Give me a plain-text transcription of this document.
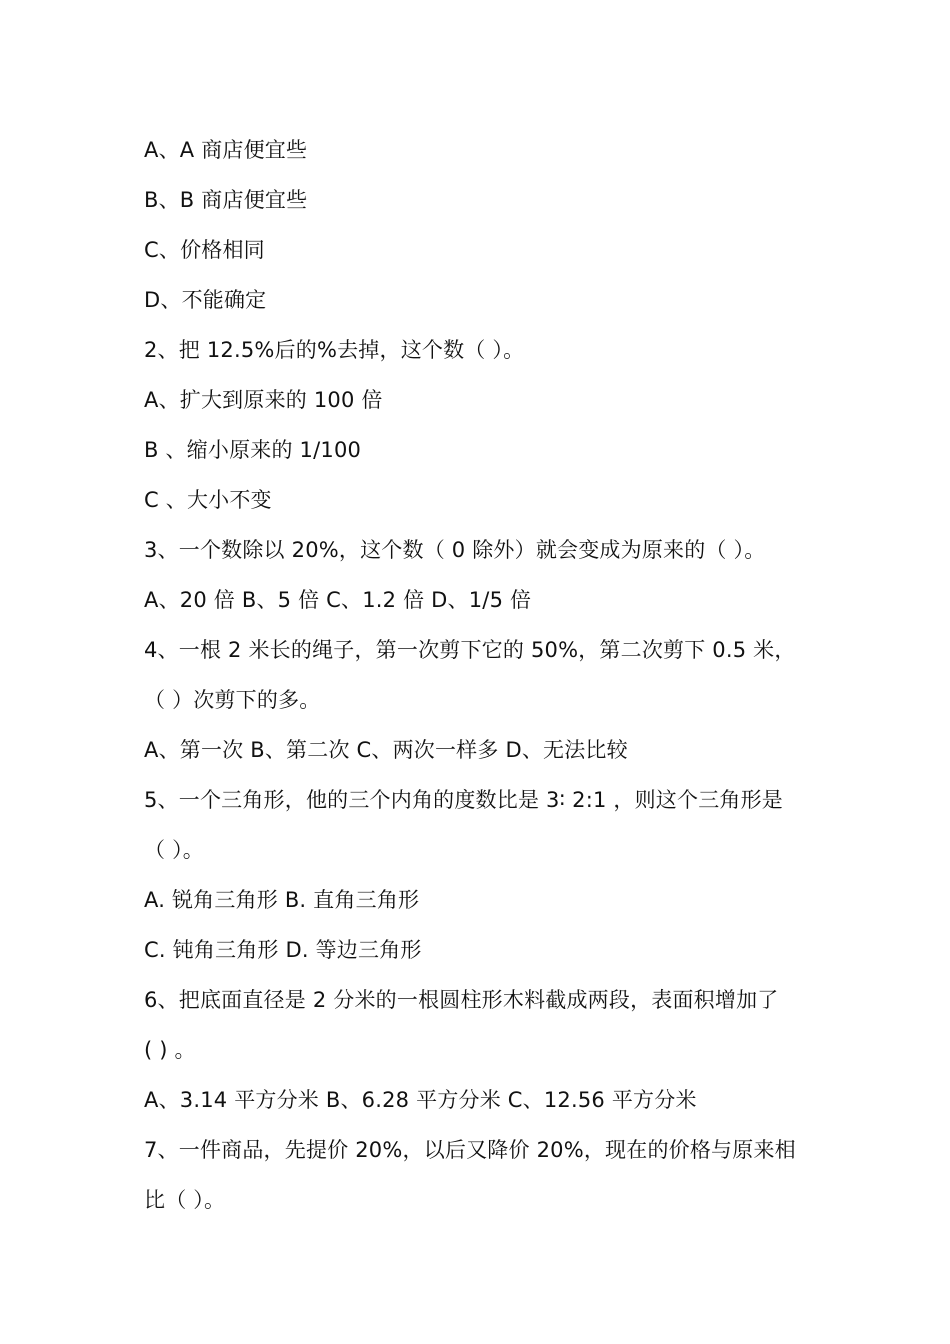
A、A 商店便宜些
B、B 商店便宜些
C、价格相同
D、不能确定
2、把 12.5%后的%去掉，这个数（ ）。
A、扩大到原来的 100 倍
B 、缩小原来的 1/100
C 、大小不变
3、一个数除以 20%，这个数（ 0 除外）就会变成为原来的（ ）。
A、20 倍 B、5 倍 C、1.2 倍 D、1/5 倍
4、一根 2 米长的绳子，第一次剪下它的 50%，第二次剪下 0.5 米，
（ ）次剪下的多。
A、第一次 B、第二次 C、两次一样多 D、无法比较
5、一个三角形，他的三个内角的度数比是 3∶ 2:1 ，则这个三角形是
（ ）。
A. 锐角三角形 B. 直角三角形
C. 钝角三角形 D. 等边三角形
6、把底面直径是 2 分米的一根圆柱形木料截成两段，表面积增加了
( ) 。
A、3.14 平方分米 B、6.28 平方分米 C、12.56 平方分米
7、一件商品，先提价 20%，以后又降价 20%，现在的价格与原来相
比（ ）。
